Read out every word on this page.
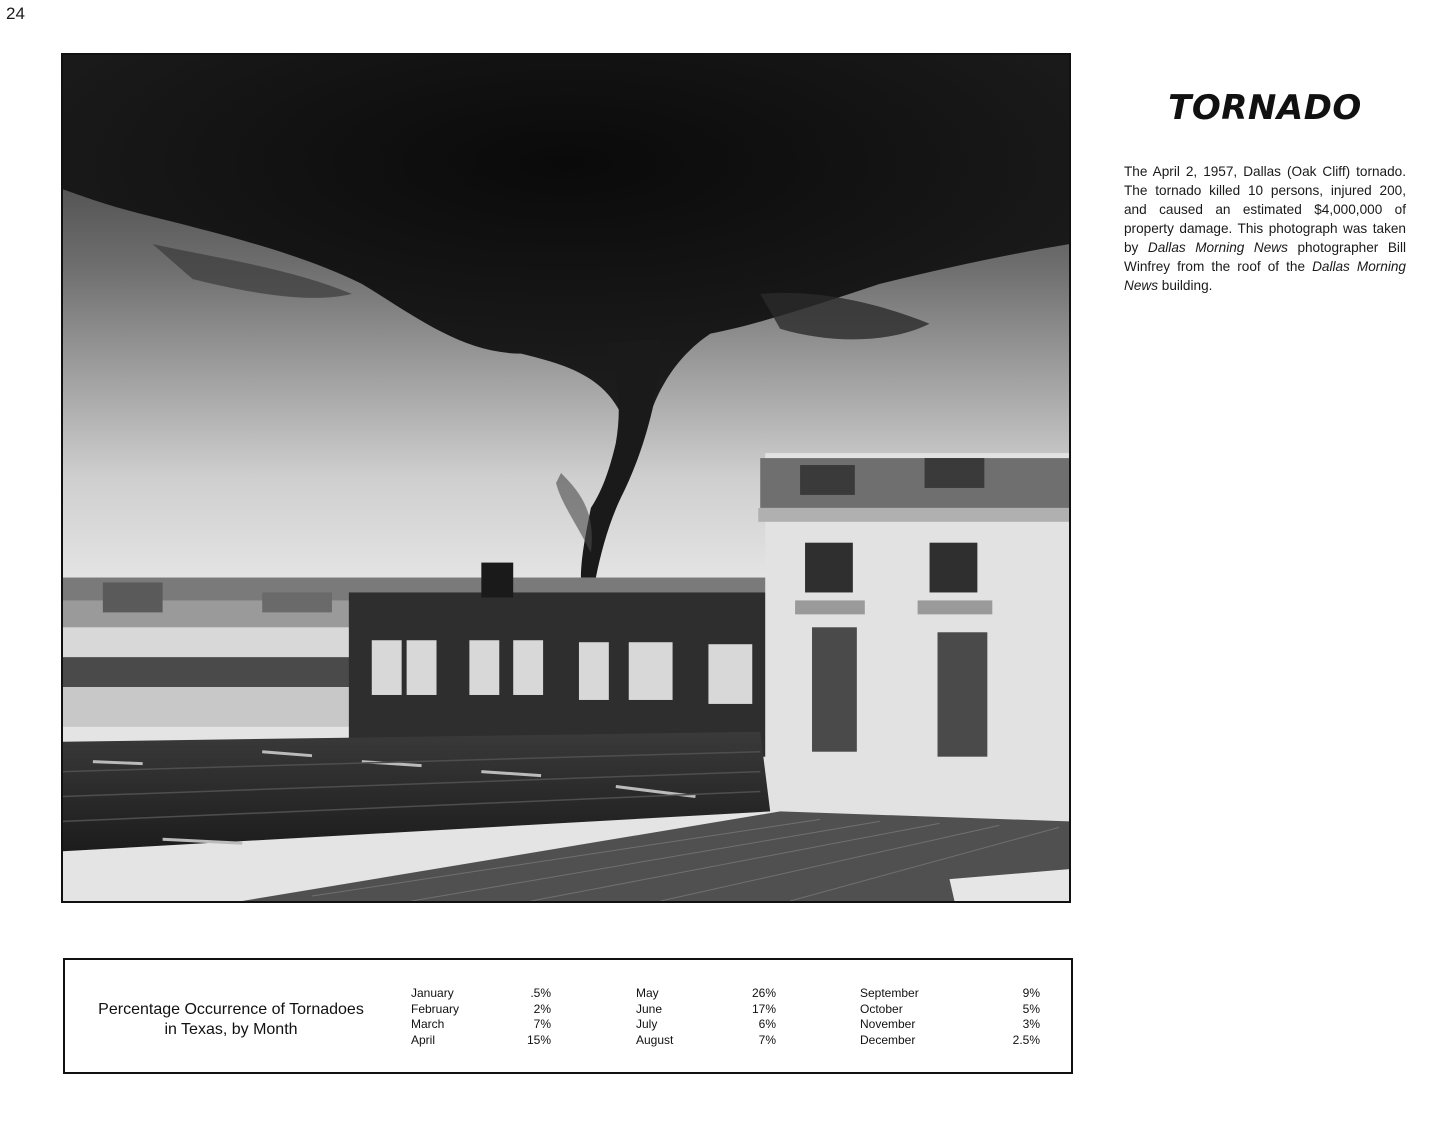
24
TORNADO
The April 2, 1957, Dallas (Oak Cliff) tornado. The tornado killed 10 persons, injured 200, and caused an estimated $4,000,000 of property damage. This photograph was taken by Dallas Morning News photographer Bill Winfrey from the roof of the Dallas Morning News building.
Percentage Occurrence of Tornadoes
in Texas, by Month
January	.5%
February	2%
March	7%
April	15%
May	26%
June	17%
July	6%
August	7%
September	9%
October	5%
November	3%
December	2.5%
